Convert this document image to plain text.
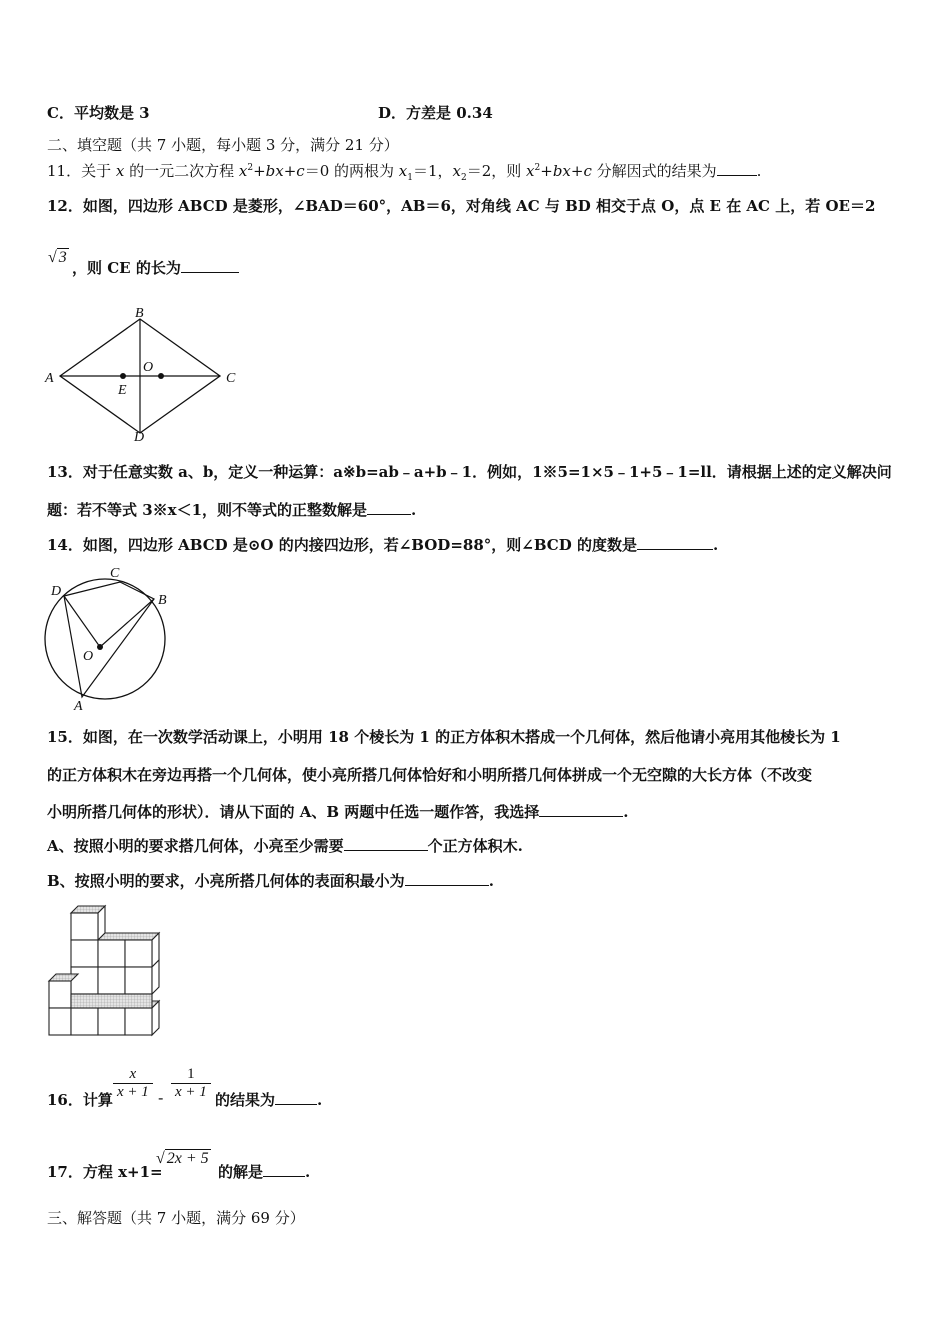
C．平均数是 3	D．方差是 0.34
二、填空题（共 7 小题，每小题 3 分，满分 21 分）
11．关于 x 的一元二次方程 $x^2+bx+c=0$ 的两根为 $x_1=1$，$x_2=2$，则 $x^2+bx+c$ 分解因式的结果为	.
12．如图，四边形 ABCD 是菱形，∠BAD＝60°，AB＝6，对角线 AC 与 BD 相交于点 O，点 E 在 AC 上，若 OE＝2
√ 3
，则 CE 的长为
A
B
C
D
O
E
13．对于任意实数 a、b，定义一种运算：a※b=ab﹣a+b﹣1．例如，1※5=1×5﹣1+5﹣1=ll．请根据上述的定义解决问
题：若不等式 3※x＜1，则不等式的正整数解是	.
14．如图，四边形 ABCD 是⊙O 的内接四边形，若∠BOD=88°，则∠BCD 的度数是	.
D
C
B
A
O
15．如图，在一次数学活动课上，小明用 18 个棱长为 1 的正方体积木搭成一个几何体，然后他请小亮用其他棱长为 1
的正方体积木在旁边再搭一个几何体，使小亮所搭几何体恰好和小明所搭几何体拼成一个无空隙的大长方体（不改变
小明所搭几何体的形状）．请从下面的 A、B 两题中任选一题作答，我选择	.
A、按照小明的要求搭几何体，小亮至少需要	个正方体积木.
B、按照小明的要求，小亮所搭几何体的表面积最小为	.
16．计算 $\frac{x}{x + 1} - \frac{1}{x + 1}$ 的结果为	.
17．方程 x+1=
√ 2x + 5
的解是	.
三、解答题（共 7 小题，满分 69 分）
